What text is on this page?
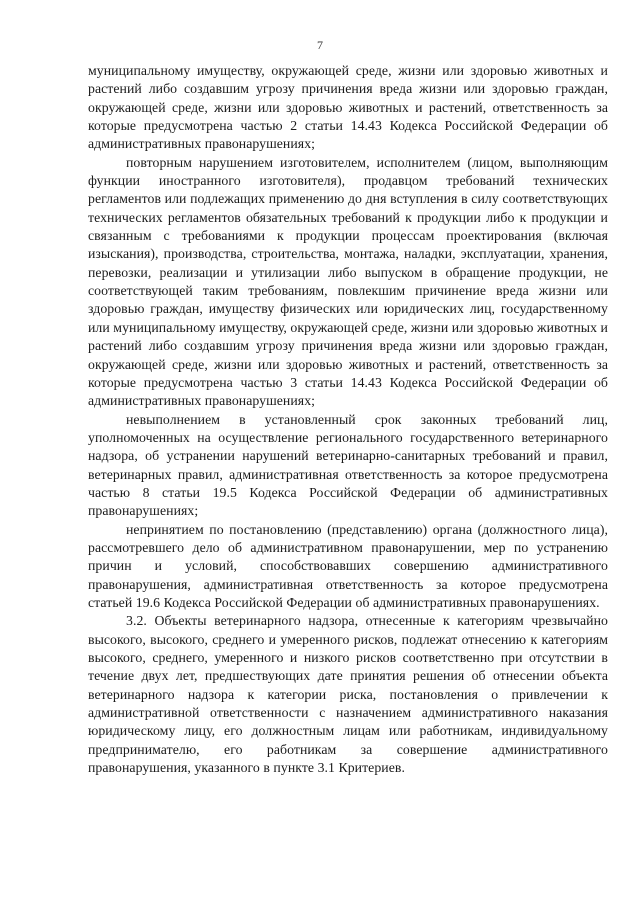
7

муниципальному имуществу, окружающей среде, жизни или здоровью животных и растений либо создавшим угрозу причинения вреда жизни или здоровью граждан, окружающей среде, жизни или здоровью животных и растений, ответственность за которые предусмотрена частью 2 статьи 14.43 Кодекса Российской Федерации об административных правонарушениях;

повторным нарушением изготовителем, исполнителем (лицом, выполняющим функции иностранного изготовителя), продавцом требований технических регламентов или подлежащих применению до дня вступления в силу соответствующих технических регламентов обязательных требований к продукции либо к продукции и связанным с требованиями к продукции процессам проектирования (включая изыскания), производства, строительства, монтажа, наладки, эксплуатации, хранения, перевозки, реализации и утилизации либо выпуском в обращение продукции, не соответствующей таким требованиям, повлекшим причинение вреда жизни или здоровью граждан, имуществу физических или юридических лиц, государственному или муниципальному имуществу, окружающей среде, жизни или здоровью животных и растений либо создавшим угрозу причинения вреда жизни или здоровью граждан, окружающей среде, жизни или здоровью животных и растений, ответственность за которые предусмотрена частью 3 статьи 14.43 Кодекса Российской Федерации об административных правонарушениях;

невыполнением в установленный срок законных требований лиц, уполномоченных на осуществление регионального государственного ветеринарного надзора, об устранении нарушений ветеринарно-санитарных требований и правил, ветеринарных правил, административная ответственность за которое предусмотрена частью 8 статьи 19.5 Кодекса Российской Федерации об административных правонарушениях;

непринятием по постановлению (представлению) органа (должностного лица), рассмотревшего дело об административном правонарушении, мер по устранению причин и условий, способствовавших совершению административного правонарушения, административная ответственность за которое предусмотрена статьей 19.6 Кодекса Российской Федерации об административных правонарушениях.

3.2. Объекты ветеринарного надзора, отнесенные к категориям чрезвычайно высокого, высокого, среднего и умеренного рисков, подлежат отнесению к категориям высокого, среднего, умеренного и низкого рисков соответственно при отсутствии в течение двух лет, предшествующих дате принятия решения об отнесении объекта ветеринарного надзора к категории риска, постановления о привлечении к административной ответственности с назначением административного наказания юридическому лицу, его должностным лицам или работникам, индивидуальному предпринимателю, его работникам за совершение административного правонарушения, указанного в пункте 3.1 Критериев.
